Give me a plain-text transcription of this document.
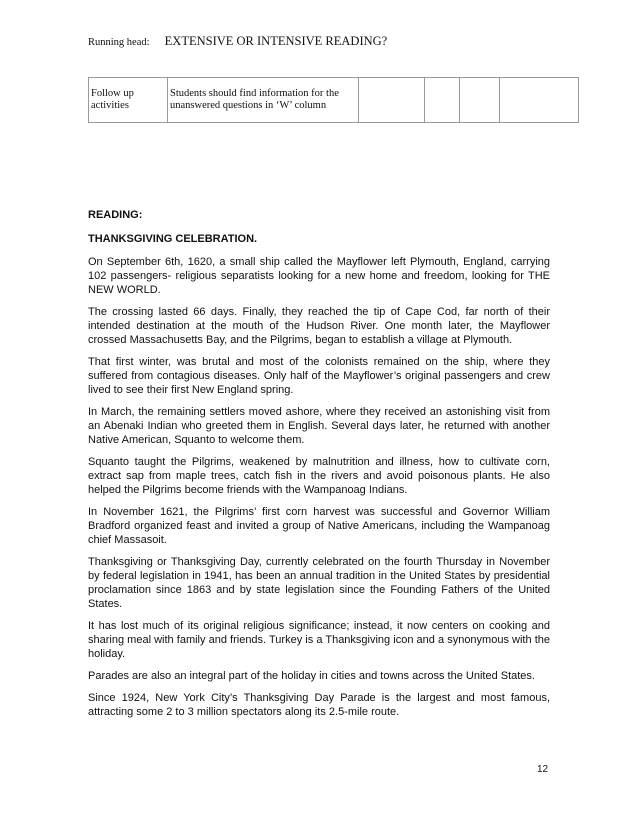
Running head: EXTENSIVE OR INTENSIVE READING?
Follow up activities	Students should find information for the unanswered questions in ‘W’ column				
READING:
THANKSGIVING CELEBRATION.

On September 6th, 1620, a small ship called the Mayflower left Plymouth, England, carrying 102 passengers- religious separatists looking for a new home and freedom, looking for THE NEW WORLD.

The crossing lasted 66 days. Finally, they reached the tip of Cape Cod, far north of their intended destination at the mouth of the Hudson River. One month later, the Mayflower crossed Massachusetts Bay, and the Pilgrims, began to establish a village at Plymouth.

That first winter, was brutal and most of the colonists remained on the ship, where they suffered from contagious diseases. Only half of the Mayflower’s original passengers and crew lived to see their first New England spring.

In March, the remaining settlers moved ashore, where they received an astonishing visit from an Abenaki Indian who greeted them in English. Several days later, he returned with another Native American, Squanto to welcome them.

Squanto taught the Pilgrims, weakened by malnutrition and illness, how to cultivate corn, extract sap from maple trees, catch fish in the rivers and avoid poisonous plants. He also helped the Pilgrims become friends with the Wampanoag Indians.

In November 1621, the Pilgrims’ first corn harvest was successful and Governor William Bradford organized feast and invited a group of Native Americans, including the Wampanoag chief Massasoit.

Thanksgiving or Thanksgiving Day, currently celebrated on the fourth Thursday in November by federal legislation in 1941, has been an annual tradition in the United States by presidential proclamation since 1863 and by state legislation since the Founding Fathers of the United States.

It has lost much of its original religious significance; instead, it now centers on cooking and sharing meal with family and friends. Turkey is a Thanksgiving icon and a synonymous with the holiday.

Parades are also an integral part of the holiday in cities and towns across the United States.

Since 1924, New York City’s Thanksgiving Day Parade is the largest and most famous, attracting some 2 to 3 million spectators along its 2.5-mile route.

12
